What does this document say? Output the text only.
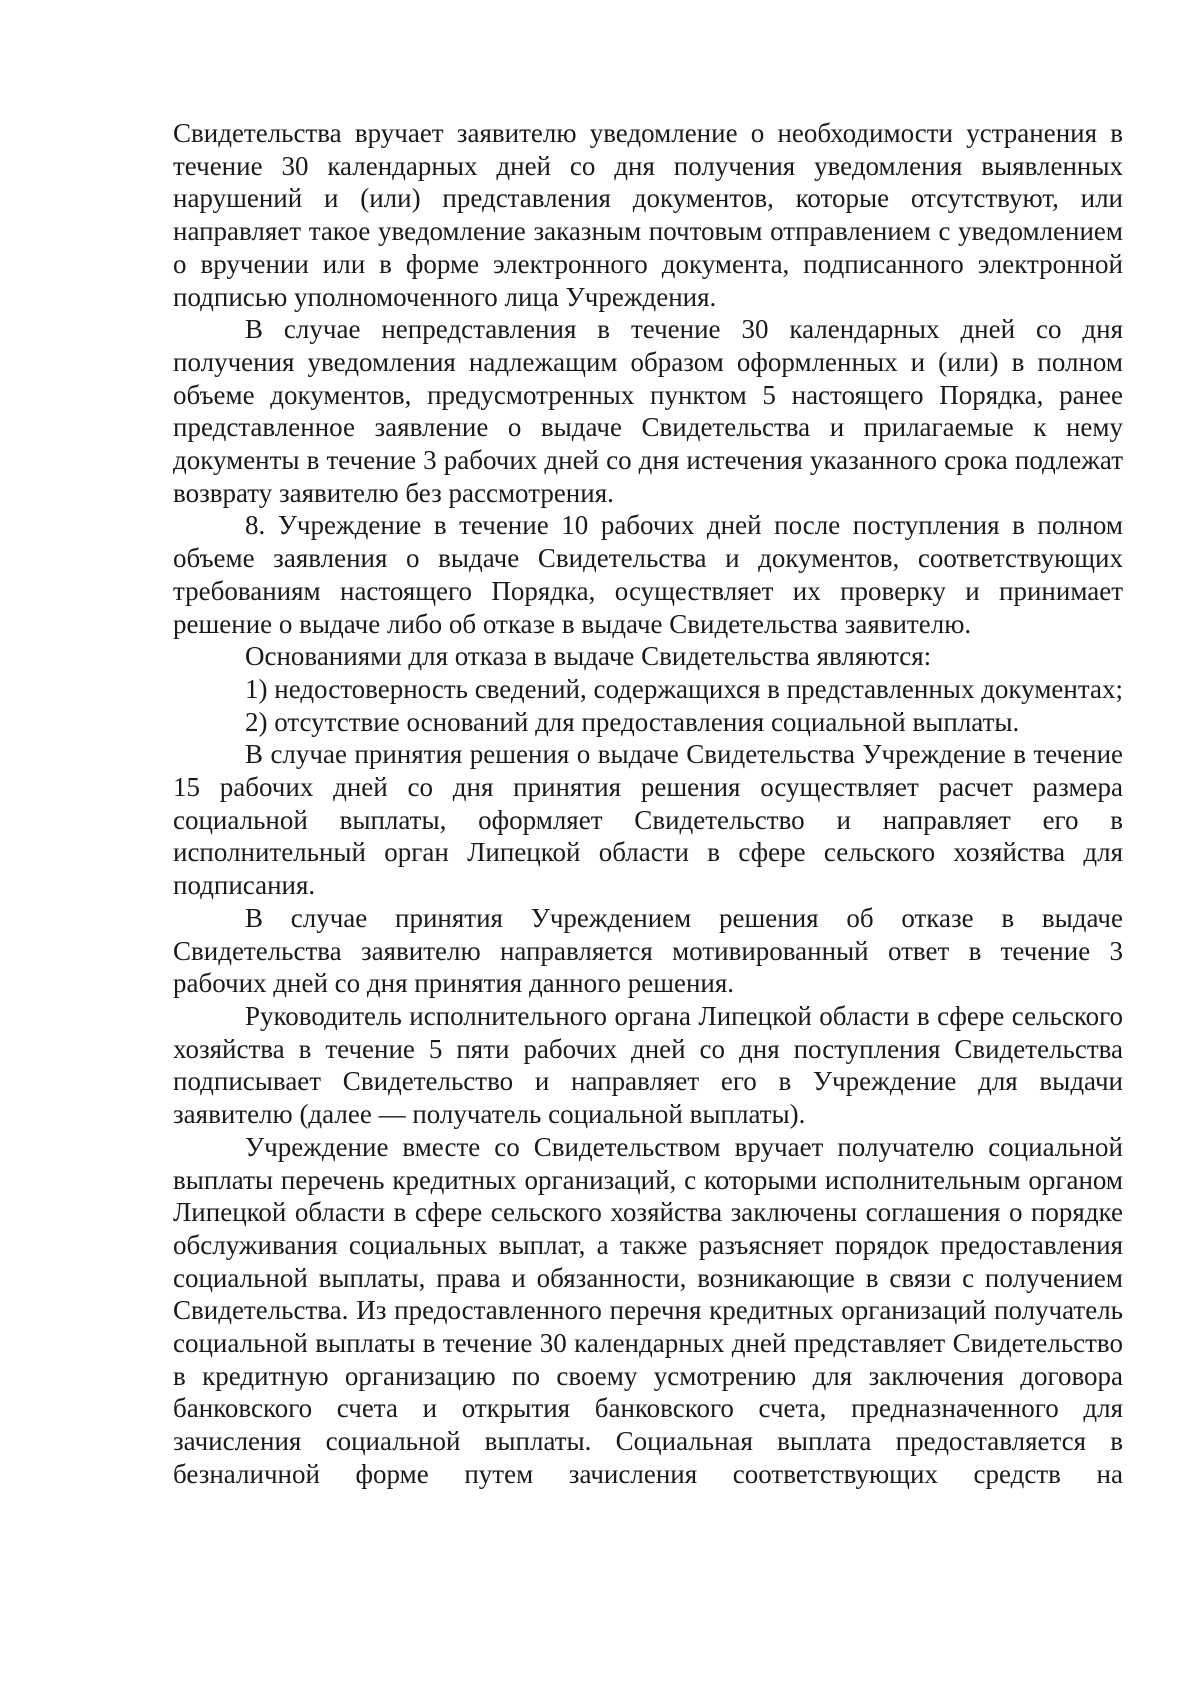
Свидетельства вручает заявителю уведомление о необходимости устранения в течение 30 календарных дней со дня получения уведомления выявленных нарушений и (или) представления документов, которые отсутствуют, или направляет такое уведомление заказным почтовым отправлением с уведомлением о вручении или в форме электронного документа, подписанного электронной подписью уполномоченного лица Учреждения.

В случае непредставления в течение 30 календарных дней со дня получения уведомления надлежащим образом оформленных и (или) в полном объеме документов, предусмотренных пунктом 5 настоящего Порядка, ранее представленное заявление о выдаче Свидетельства и прилагаемые к нему документы в течение 3 рабочих дней со дня истечения указанного срока подлежат возврату заявителю без рассмотрения.

8. Учреждение в течение 10 рабочих дней после поступления в полном объеме заявления о выдаче Свидетельства и документов, соответствующих требованиям настоящего Порядка, осуществляет их проверку и принимает решение о выдаче либо об отказе в выдаче Свидетельства заявителю.

Основаниями для отказа в выдаче Свидетельства являются:

1) недостоверность сведений, содержащихся в представленных документах;

2) отсутствие оснований для предоставления социальной выплаты.

В случае принятия решения о выдаче Свидетельства Учреждение в течение 15 рабочих дней со дня принятия решения осуществляет расчет размера социальной выплаты, оформляет Свидетельство и направляет его в исполнительный орган Липецкой области в сфере сельского хозяйства для подписания.

В случае принятия Учреждением решения об отказе в выдаче Свидетельства заявителю направляется мотивированный ответ в течение 3 рабочих дней со дня принятия данного решения.

Руководитель исполнительного органа Липецкой области в сфере сельского хозяйства в течение 5 пяти рабочих дней со дня поступления Свидетельства подписывает Свидетельство и направляет его в Учреждение для выдачи заявителю (далее — получатель социальной выплаты).

Учреждение вместе со Свидетельством вручает получателю социальной выплаты перечень кредитных организаций, с которыми исполнительным органом Липецкой области в сфере сельского хозяйства заключены соглашения о порядке обслуживания социальных выплат, а также разъясняет порядок предоставления социальной выплаты, права и обязанности, возникающие в связи с получением Свидетельства. Из предоставленного перечня кредитных организаций получатель социальной выплаты в течение 30 календарных дней представляет Свидетельство в кредитную организацию по своему усмотрению для заключения договора банковского счета и открытия банковского счета, предназначенного для зачисления социальной выплаты. Социальная выплата предоставляется в безналичной форме путем зачисления соответствующих средств на
